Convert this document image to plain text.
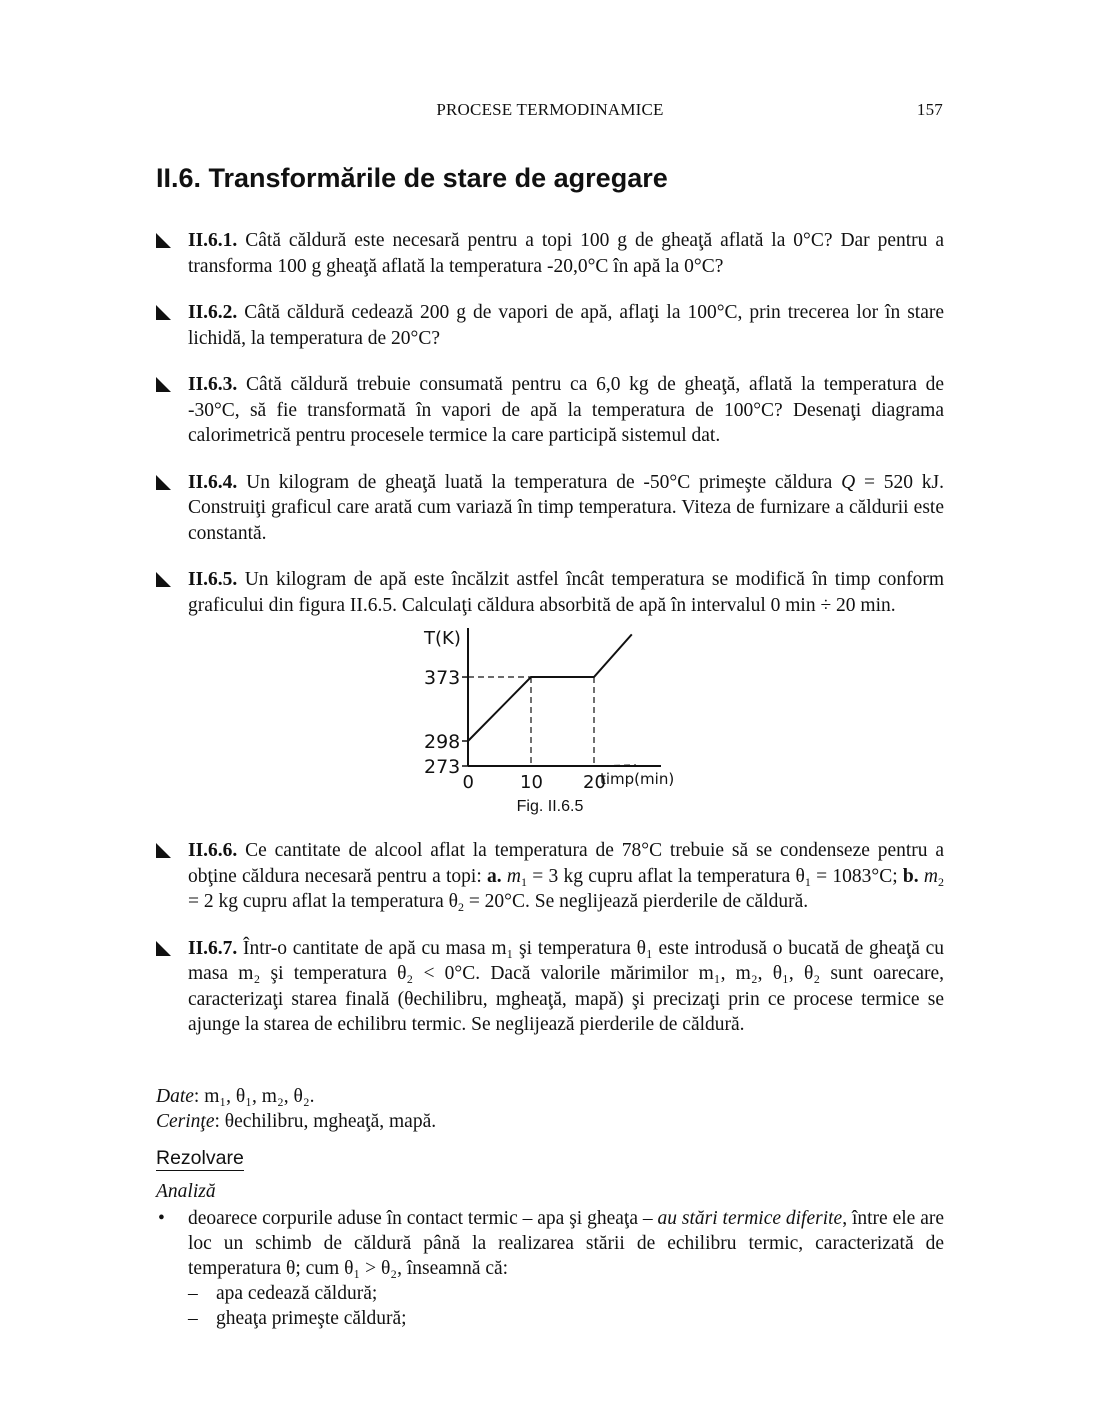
PROCESE TERMODINAMICE	157
II.6. Transformările de stare de agregare
II.6.1. Câtă căldură este necesară pentru a topi 100 g de gheaţă aflată la 0°C? Dar pentru a transforma 100 g gheaţă aflată la temperatura -20,0°C în apă la 0°C?
II.6.2. Câtă căldură cedează 200 g de vapori de apă, aflaţi la 100°C, prin trecerea lor în stare lichidă, la temperatura de 20°C?
II.6.3. Câtă căldură trebuie consumată pentru ca 6,0 kg de gheaţă, aflată la temperatura de -30°C, să fie transformată în vapori de apă la temperatura de 100°C? Desenaţi diagrama calorimetrică pentru procesele termice la care participă sistemul dat.
II.6.4. Un kilogram de gheaţă luată la temperatura de -50°C primeşte căldura Q = 520 kJ. Construiţi graficul care arată cum variază în timp temperatura. Viteza de furnizare a căldurii este constantă.
II.6.5. Un kilogram de apă este încălzit astfel încât temperatura se modifică în timp conform graficului din figura II.6.5. Calculaţi căldura absorbită de apă în intervalul 0 min ÷ 20 min.
T(K)
timp(min)
273
298
373
0	10 20
Fig. II.6.5
II.6.6. Ce cantitate de alcool aflat la temperatura de 78°C trebuie să se condenseze pentru a obţine căldura necesară pentru a topi: a. $m_1 = 3$ kg cupru aflat la temperatura $\theta_1 = 1083^\circ C$; b. $m_2 = 2$ kg cupru aflat la temperatura $\theta_2 = 20^\circ C$. Se neglijează pierderile de căldură.
II.6.7. Într-o cantitate de apă cu masa m₁ şi temperatura θ₁ este introdusă o bucată de gheaţă cu masa m₂ şi temperatura θ₂ < 0°C. Dacă valorile mărimilor m₁, m₂, θ₁, θ₂ sunt oarecare, caracterizaţi starea finală (θechilibru, mgheaţă, mapă) şi precizaţi prin ce procese termice se ajunge la starea de echilibru termic. Se neglijează pierderile de căldură.
Date: m₁, θ₁, m₂, θ₂.
Cerinţe: θechilibru, mgheaţă, mapă.
Rezolvare
Analiză
• deoarece corpurile aduse în contact termic – apa şi gheaţa – au stări termice diferite, între ele are loc un schimb de căldură până la realizarea stării de echilibru termic, caracterizată de temperatura θ; cum θ₁ > θ₂, înseamnă că:
– apa cedează căldură;
– gheaţa primeşte căldură;
